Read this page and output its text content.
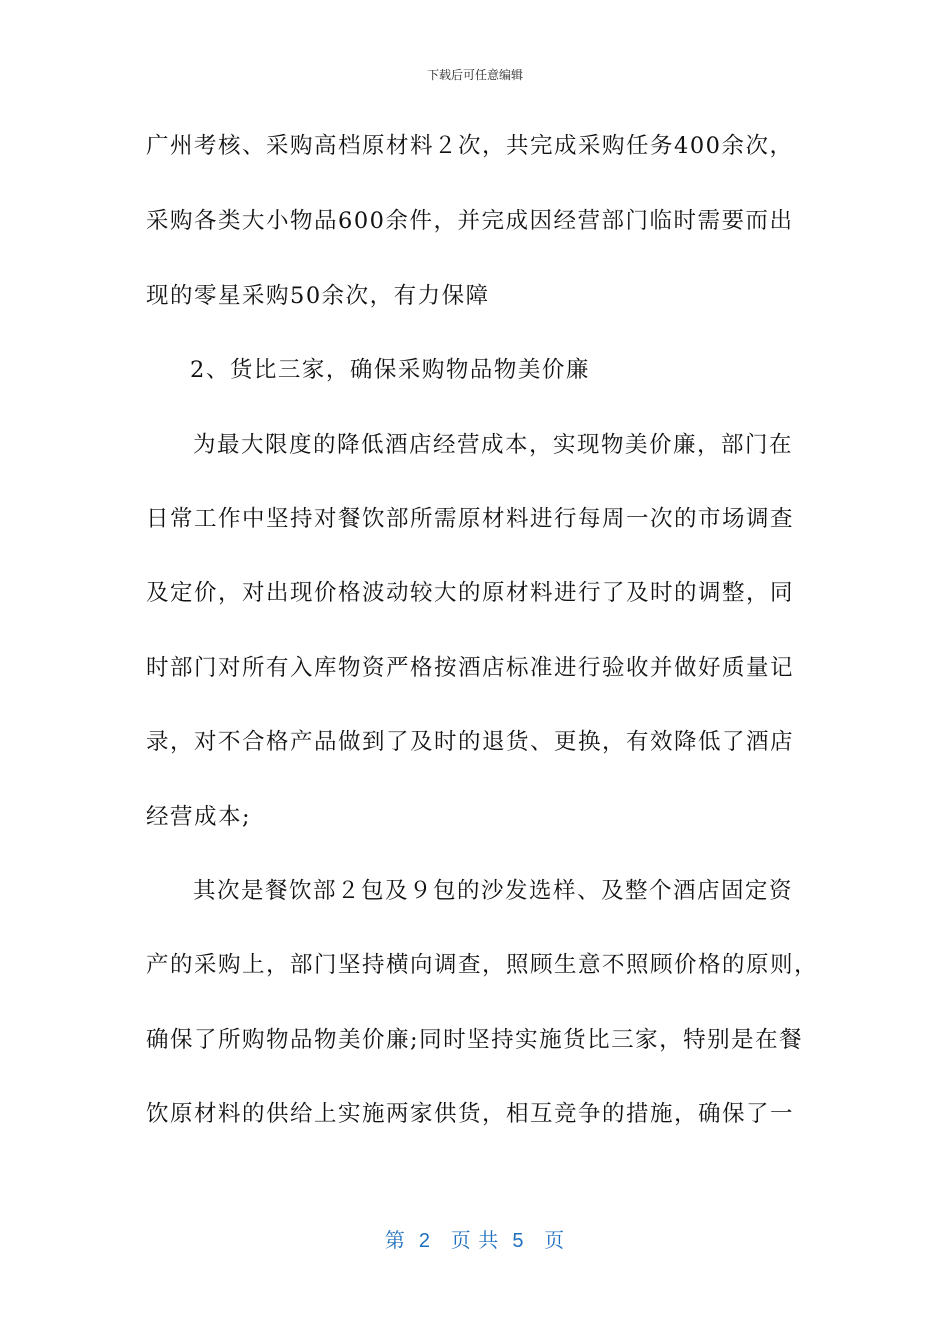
下载后可任意编辑
广州考核、采购高档原材料２次，共完成采购任务400余次，
采购各类大小物品600余件，并完成因经营部门临时需要而出
现的零星采购50余次，有力保障
2、货比三家，确保采购物品物美价廉
为最大限度的降低酒店经营成本，实现物美价廉，部门在
日常工作中坚持对餐饮部所需原材料进行每周一次的市场调查
及定价，对出现价格波动较大的原材料进行了及时的调整，同
时部门对所有入库物资严格按酒店标准进行验收并做好质量记
录，对不合格产品做到了及时的退货、更换，有效降低了酒店
经营成本;
其次是餐饮部２包及９包的沙发选样、及整个酒店固定资
产的采购上，部门坚持横向调查，照顾生意不照顾价格的原则，
确保了所购物品物美价廉;同时坚持实施货比三家，特别是在餐
饮原材料的供给上实施两家供货，相互竞争的措施，确保了一
第  2   页 共  5   页
